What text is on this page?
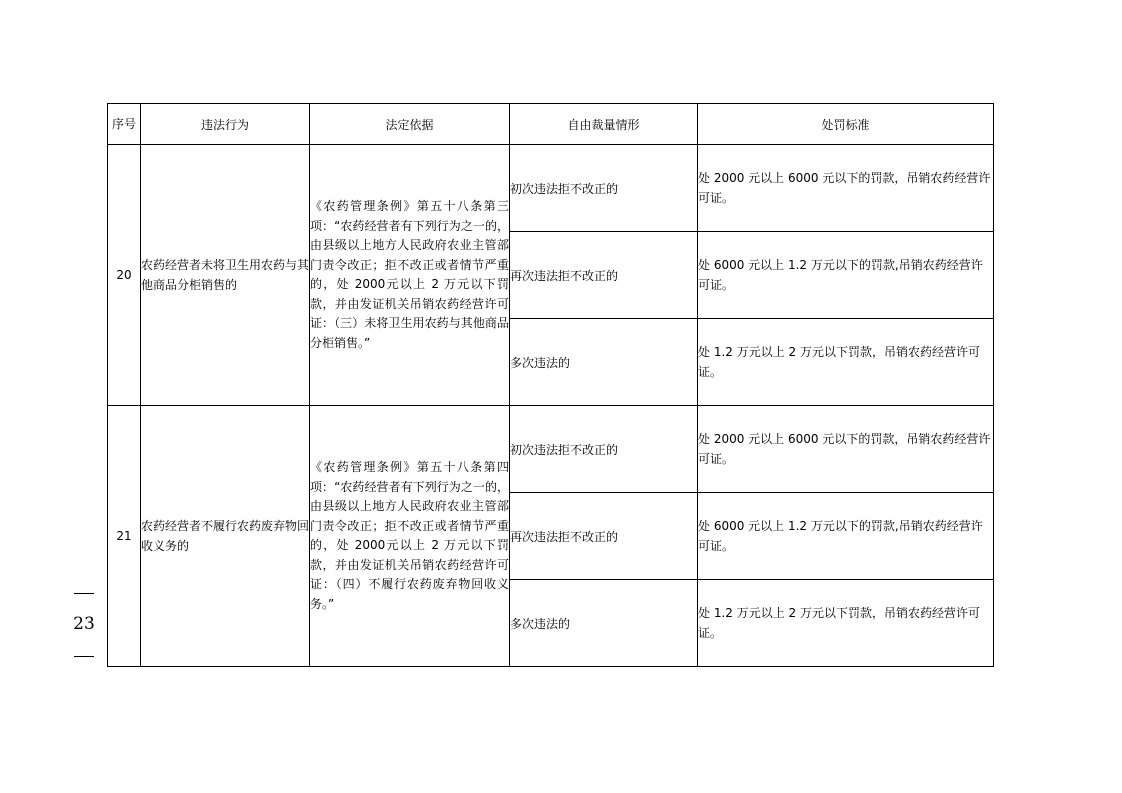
序号	违法行为	法定依据	自由裁量情形	处罚标准
20	农药经营者未将卫生用农药与其他商品分柜销售的	《农药管理条例》第五十八条第三项：“农药经营者有下列行为之一的，由县级以上地方人民政府农业主管部门责令改正；拒不改正或者情节严重的，处 2000元以上 2 万元以下罚款，并由发证机关吊销农药经营许可证：（三）未将卫生用农药与其他商品分柜销售。”	初次违法拒不改正的	处 2000 元以上 6000 元以下的罚款，吊销农药经营许可证。
			再次违法拒不改正的	处 6000 元以上 1.2 万元以下的罚款,吊销农药经营许可证。
			多次违法的	处 1.2 万元以上 2 万元以下罚款，吊销农药经营许可证。
21	农药经营者不履行农药废弃物回收义务的	《农药管理条例》第五十八条第四项：“农药经营者有下列行为之一的，由县级以上地方人民政府农业主管部门责令改正；拒不改正或者情节严重的，处 2000元以上 2 万元以下罚款，并由发证机关吊销农药经营许可证：（四）不履行农药废弃物回收义务。”	初次违法拒不改正的	处 2000 元以上 6000 元以下的罚款，吊销农药经营许可证。
			再次违法拒不改正的	处 6000 元以上 1.2 万元以下的罚款,吊销农药经营许可证。
			多次违法的	处 1.2 万元以上 2 万元以下罚款，吊销农药经营许可证。
23
